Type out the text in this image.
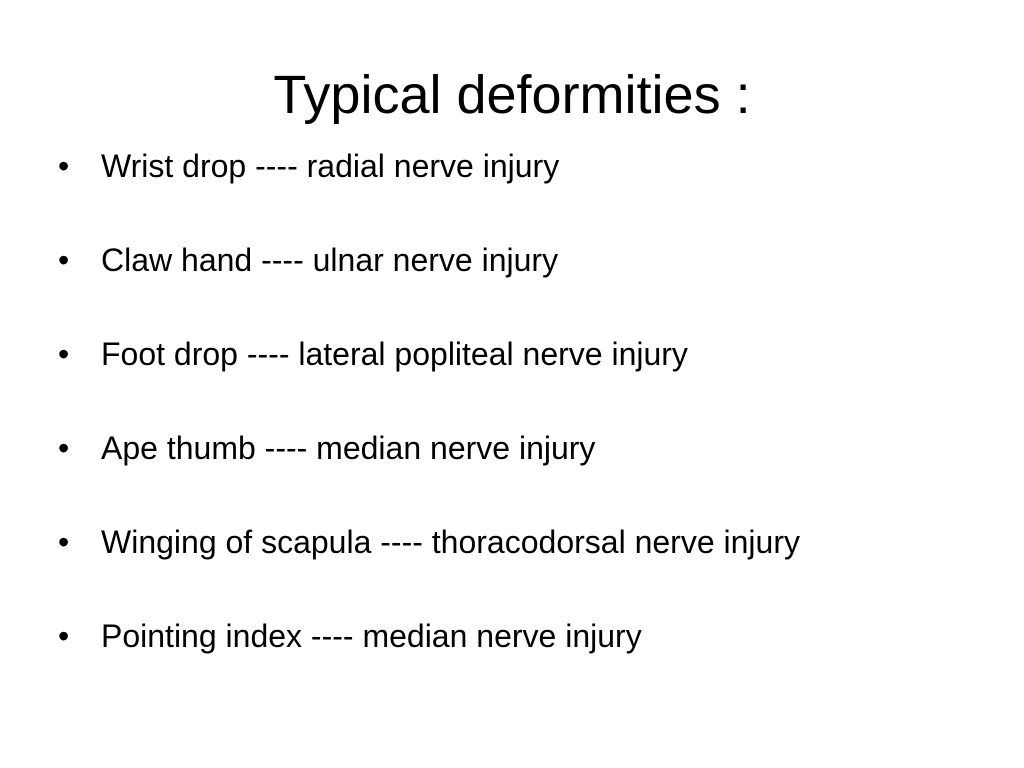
Typical deformities :
• Wrist drop ---- radial nerve injury
• Claw hand ---- ulnar nerve injury
• Foot drop ---- lateral popliteal nerve injury
• Ape thumb ---- median nerve injury
• Winging of scapula ---- thoracodorsal nerve injury
• Pointing index ---- median nerve injury
